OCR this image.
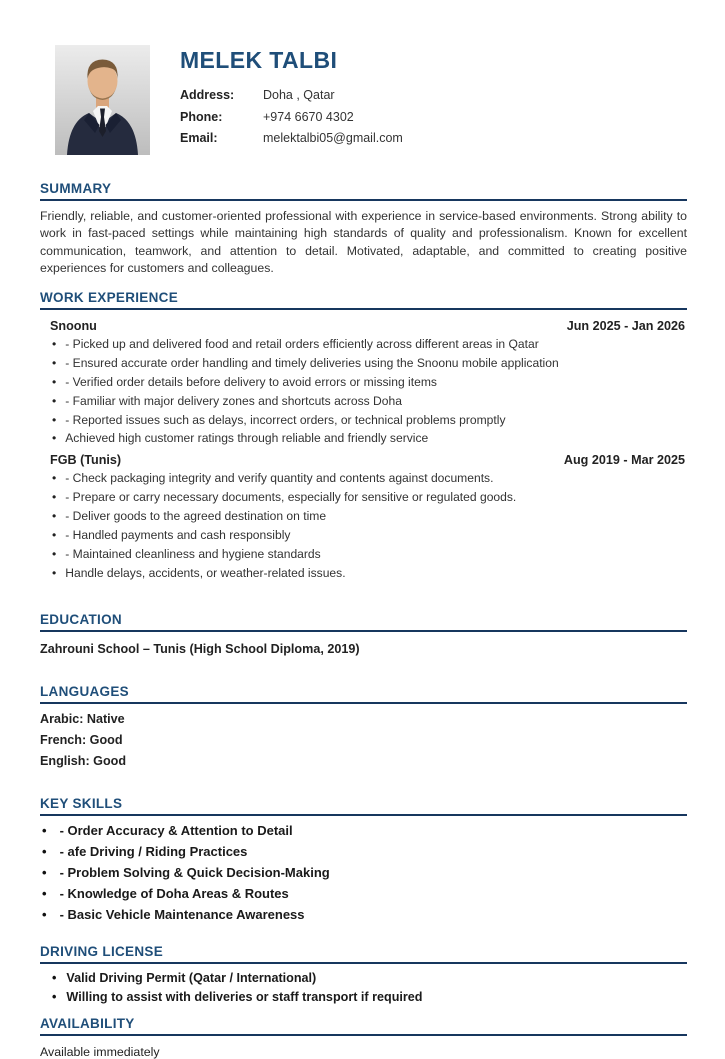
MELEK TALBI
Address:	Doha , Qatar
Phone:	+974 6670 4302
Email:	melektalbi05@gmail.com
SUMMARY

Friendly, reliable, and customer-oriented professional with experience in service-based environments. Strong ability to work in fast-paced settings while maintaining high standards of quality and professionalism. Known for excellent communication, teamwork, and attention to detail. Motivated, adaptable, and committed to creating positive experiences for customers and colleagues.

WORK EXPERIENCE
Snoonu	Jun 2025 - Jan 2026
• - Picked up and delivered food and retail orders efficiently across different areas in Qatar
• - Ensured accurate order handling and timely deliveries using the Snoonu mobile application
• - Verified order details before delivery to avoid errors or missing items
• - Familiar with major delivery zones and shortcuts across Doha
• - Reported issues such as delays, incorrect orders, or technical problems promptly
• Achieved high customer ratings through reliable and friendly service
FGB (Tunis)	Aug 2019 - Mar 2025
• - Check packaging integrity and verify quantity and contents against documents.
• - Prepare or carry necessary documents, especially for sensitive or regulated goods.
• - Deliver goods to the agreed destination on time
• - Handled payments and cash responsibly
• - Maintained cleanliness and hygiene standards
• Handle delays, accidents, or weather-related issues.
EDUCATION

Zahrouni School – Tunis (High School Diploma, 2019)

LANGUAGES

Arabic: Native

French: Good

English: Good

KEY SKILLS
• - Order Accuracy & Attention to Detail
• - afe Driving / Riding Practices
• - Problem Solving & Quick Decision-Making
• - Knowledge of Doha Areas & Routes
• - Basic Vehicle Maintenance Awareness
DRIVING LICENSE
• Valid Driving Permit (Qatar / International)
• Willing to assist with deliveries or staff transport if required
AVAILABILITY

Available immediately
